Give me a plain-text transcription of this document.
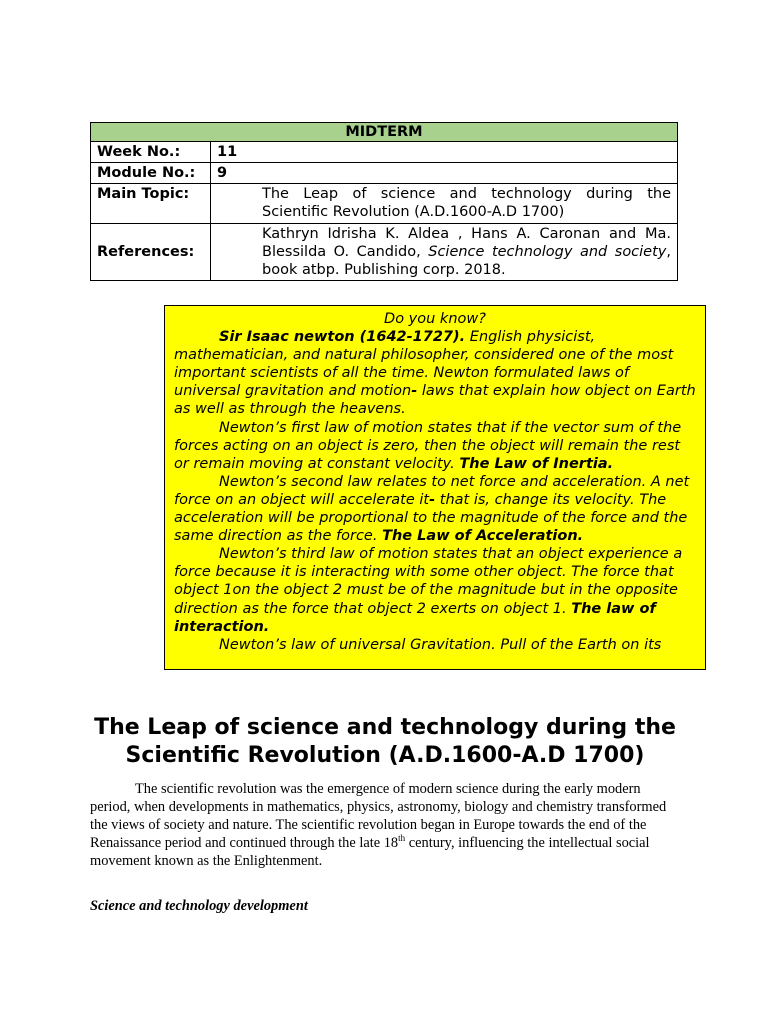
MIDTERM	
Week No.:	11
Module No.:	9
Main Topic:	The Leap of science and technology during the Scientific Revolution (A.D.1600-A.D 1700)
References:	Kathryn Idrisha K. Aldea , Hans A. Caronan and Ma. Blessilda O. Candido, Science technology and society, book atbp. Publishing corp. 2018.
Do you know?

Sir Isaac newton (1642-1727). English physicist, mathematician, and natural philosopher, considered one of the most important scientists of all the time. Newton formulated laws of universal gravitation and motion- laws that explain how object on Earth as well as through the heavens.

Newton’s first law of motion states that if the vector sum of the forces acting on an object is zero, then the object will remain the rest or remain moving at constant velocity. The Law of Inertia.

Newton’s second law relates to net force and acceleration. A net force on an object will accelerate it- that is, change its velocity. The acceleration will be proportional to the magnitude of the force and the same direction as the force. The Law of Acceleration.

Newton’s third law of motion states that an object experience a force because it is interacting with some other object. The force that object 1on the object 2 must be of the magnitude but in the opposite direction as the force that object 2 exerts on object 1. The law of interaction.

Newton’s law of universal Gravitation. Pull of the Earth on its

The Leap of science and technology during the Scientific Revolution (A.D.1600-A.D 1700)

The scientific revolution was the emergence of modern science during the early modern period, when developments in mathematics, physics, astronomy, biology and chemistry transformed the views of society and nature. The scientific revolution began in Europe towards the end of the Renaissance period and continued through the late 18th century, influencing the intellectual social movement known as the Enlightenment.

Science and technology development
